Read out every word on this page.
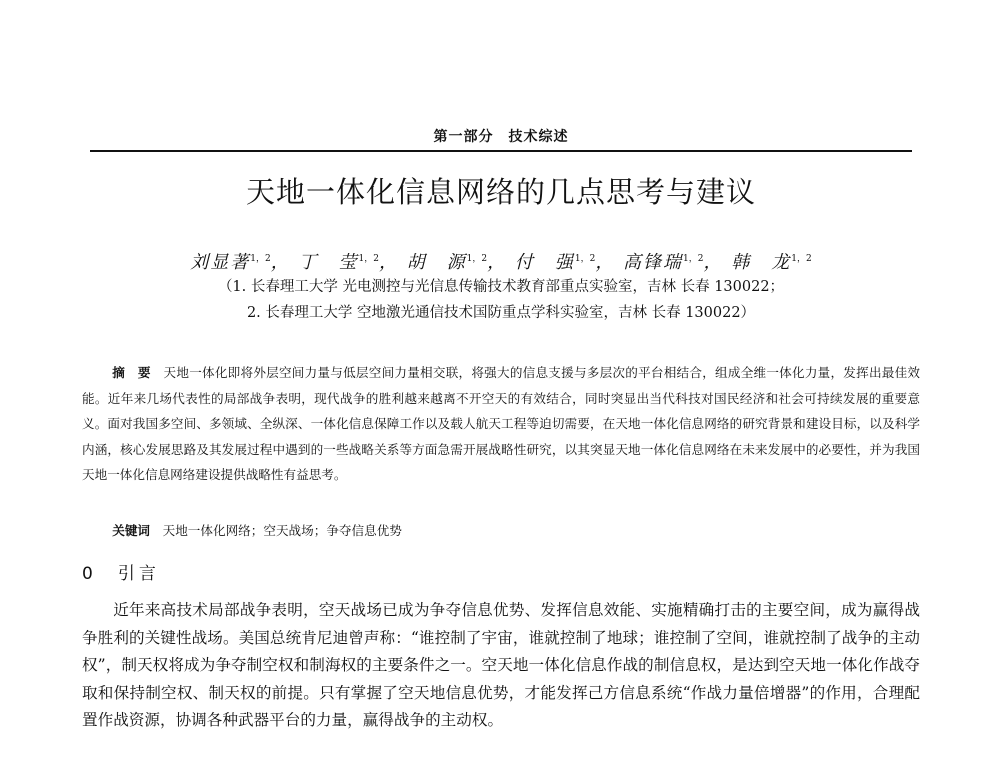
第一部分　技术综述
天地一体化信息网络的几点思考与建议
刘显著$^{1,2}$， 丁　莹$^{1,2}$， 胡　源$^{1,2}$， 付　强$^{1,2}$， 高锋瑞$^{1,2}$， 韩　龙$^{1,2}$
（1. 长春理工大学 光电测控与光信息传输技术教育部重点实验室，吉林 长春 130022；
2. 长春理工大学 空地激光通信技术国防重点学科实验室，吉林 长春 130022）

摘　要　 天地一体化即将外层空间力量与低层空间力量相交联，将强大的信息支援与多层次的平台相结合，组成全维一体化力量，发挥出最佳效能。近年来几场代表性的局部战争表明，现代战争的胜利越来越离不开空天的有效结合，同时突显出当代科技对国民经济和社会可持续发展的重要意义。面对我国多空间、多领域、全纵深、一体化信息保障工作以及载人航天工程等迫切需要，在天地一体化信息网络的研究背景和建设目标，以及科学内涵，核心发展思路及其发展过程中遇到的一些战略关系等方面急需开展战略性研究，以其突显天地一体化信息网络在未来发展中的必要性，并为我国天地一体化信息网络建设提供战略性有益思考。

关键词　 天地一体化网络；空天战场；争夺信息优势

0　 引言

近年来高技术局部战争表明，空天战场已成为争夺信息优势、发挥信息效能、实施精确打击的主要空间，成为赢得战争胜利的关键性战场。美国总统肯尼迪曾声称：“谁控制了宇宙，谁就控制了地球；谁控制了空间，谁就控制了战争的主动权”，制天权将成为争夺制空权和制海权的主要条件之一。空天地一体化信息作战的制信息权，是达到空天地一体化作战夺取和保持制空权、制天权的前提。只有掌握了空天地信息优势，才能发挥己方信息系统“作战力量倍增器”的作用，合理配置作战资源，协调各种武器平台的力量，赢得战争的主动权。
